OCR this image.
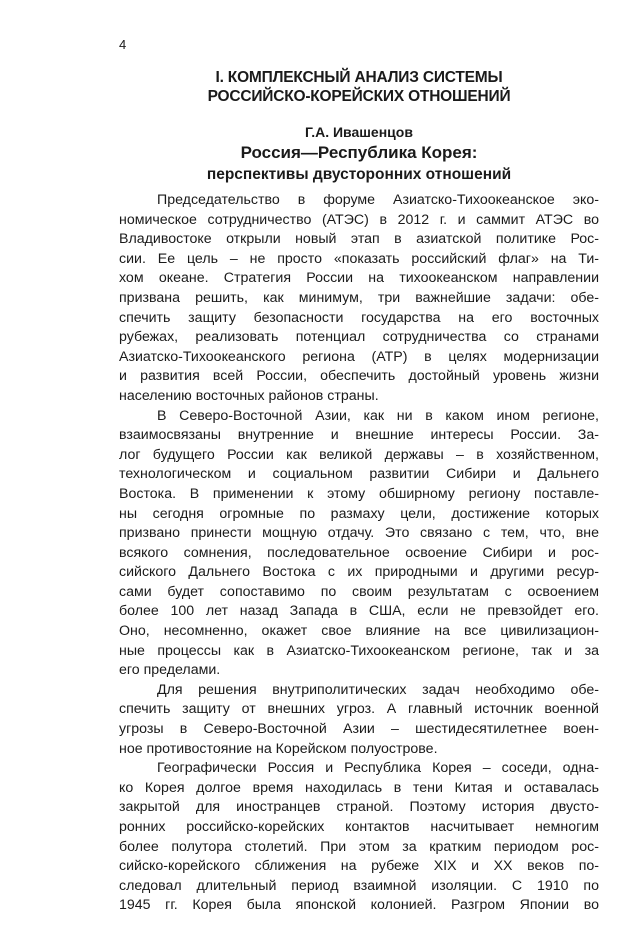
4
I. КОМПЛЕКСНЫЙ АНАЛИЗ СИСТЕМЫ
РОССИЙСКО-КОРЕЙСКИХ ОТНОШЕНИЙ
Г.А. Ивашенцов
Россия—Республика Корея:
перспективы двусторонних отношений
Председательство в форуме Азиатско-Тихоокеанское эко-
номическое сотрудничество (АТЭС) в 2012 г. и саммит АТЭС во
Владивостоке открыли новый этап в азиатской политике Рос-
сии. Ее цель – не просто «показать российский флаг» на Ти-
хом океане. Стратегия России на тихоокеанском направлении
призвана решить, как минимум, три важнейшие задачи: обе-
спечить защиту безопасности государства на его восточных
рубежах, реализовать потенциал сотрудничества со странами
Азиатско-Тихоокеанского региона (АТР) в целях модернизации
и развития всей России, обеспечить достойный уровень жизни
населению восточных районов страны.
В Северо-Восточной Азии, как ни в каком ином регионе,
взаимосвязаны внутренние и внешние интересы России. За-
лог будущего России как великой державы – в хозяйственном,
технологическом и социальном развитии Сибири и Дальнего
Востока. В применении к этому обширному региону поставле-
ны сегодня огромные по размаху цели, достижение которых
призвано принести мощную отдачу. Это связано с тем, что, вне
всякого сомнения, последовательное освоение Сибири и рос-
сийского Дальнего Востока с их природными и другими ресур-
сами будет сопоставимо по своим результатам с освоением
более 100 лет назад Запада в США, если не превзойдет его.
Оно, несомненно, окажет свое влияние на все цивилизацион-
ные процессы как в Азиатско-Тихоокеанском регионе, так и за
его пределами.
Для решения внутриполитических задач необходимо обе-
спечить защиту от внешних угроз. А главный источник военной
угрозы в Северо-Восточной Азии – шестидесятилетнее воен-
ное противостояние на Корейском полуострове.
Географически Россия и Республика Корея – соседи, однa-
ко Корея долгое время находилась в тени Китая и оставалась
закрытой для иностранцев страной. Поэтому история двусто-
ронних российско-корейских контактов насчитывает немногим
более полутора столетий. При этом за кратким периодом рос-
сийско-корейского сближения на рубеже XIX и XX веков по-
следовал длительный период взаимной изоляции. С 1910 по
1945 гг. Корея была японской колонией. Разгром Японии во
